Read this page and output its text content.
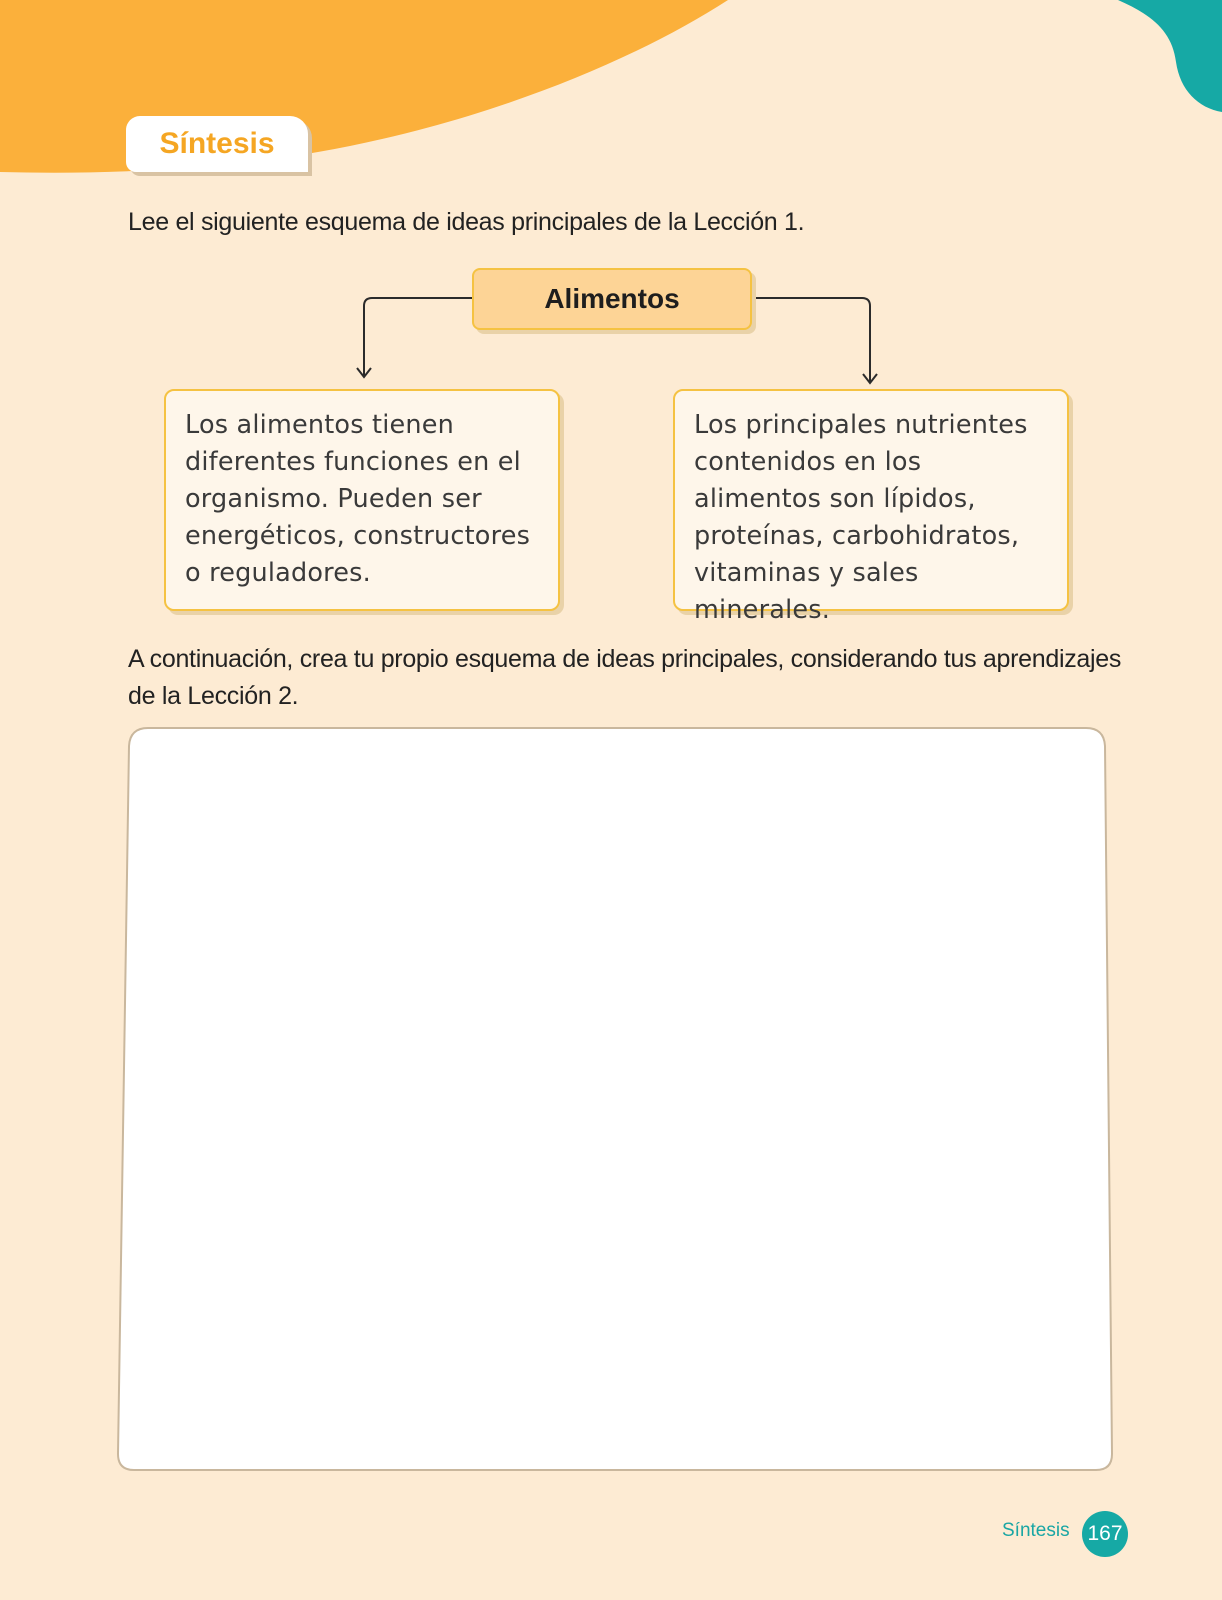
Síntesis
Lee el siguiente esquema de ideas principales de la Lección 1.
Alimentos

Los alimentos tienen diferentes funciones en el organismo. Pueden ser energéticos, constructores o reguladores.

Los principales nutrientes contenidos en los alimentos son lípidos, proteínas, carbohidratos, vitaminas y sales minerales.

A continuación, crea tu propio esquema de ideas principales, considerando tus aprendizajes de la Lección 2.
Síntesis 167
